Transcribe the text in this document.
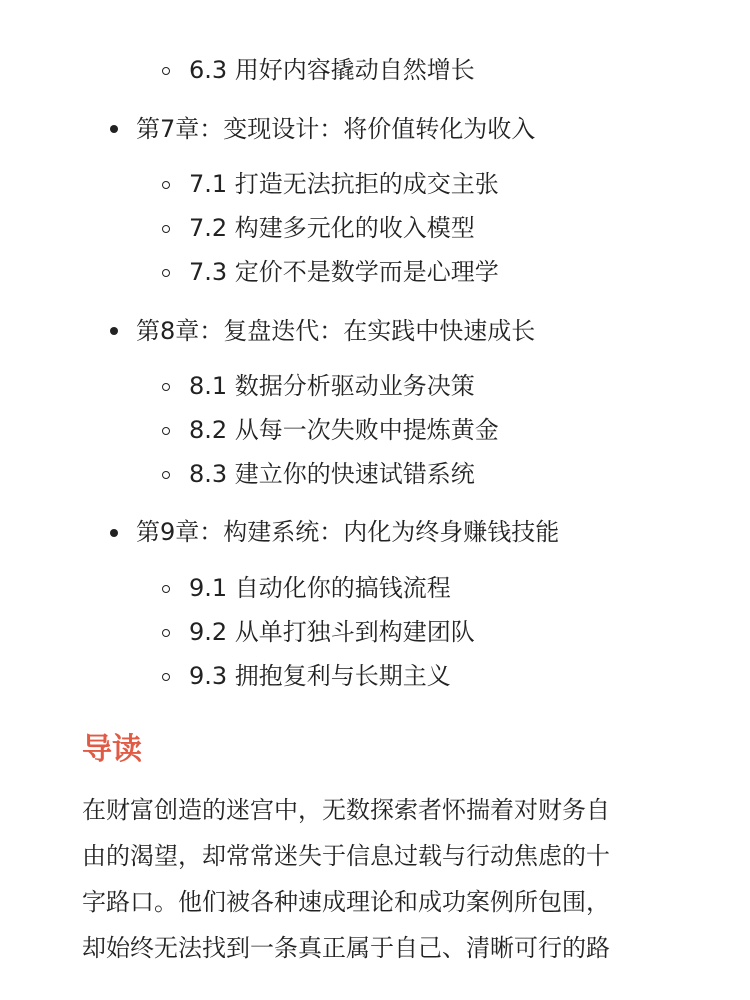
6.3 用好内容撬动自然增长
第7章：变现设计：将价值转化为收入
7.1 打造无法抗拒的成交主张
7.2 构建多元化的收入模型
7.3 定价不是数学而是心理学
第8章：复盘迭代：在实践中快速成长
8.1 数据分析驱动业务决策
8.2 从每一次失败中提炼黄金
8.3 建立你的快速试错系统
第9章：构建系统：内化为终身赚钱技能
9.1 自动化你的搞钱流程
9.2 从单打独斗到构建团队
9.3 拥抱复利与长期主义
导读

在财富创造的迷宫中，无数探索者怀揣着对财务自
由的渴望，却常常迷失于信息过载与行动焦虑的十
字路口。他们被各种速成理论和成功案例所包围，
却始终无法找到一条真正属于自己、清晰可行的路
